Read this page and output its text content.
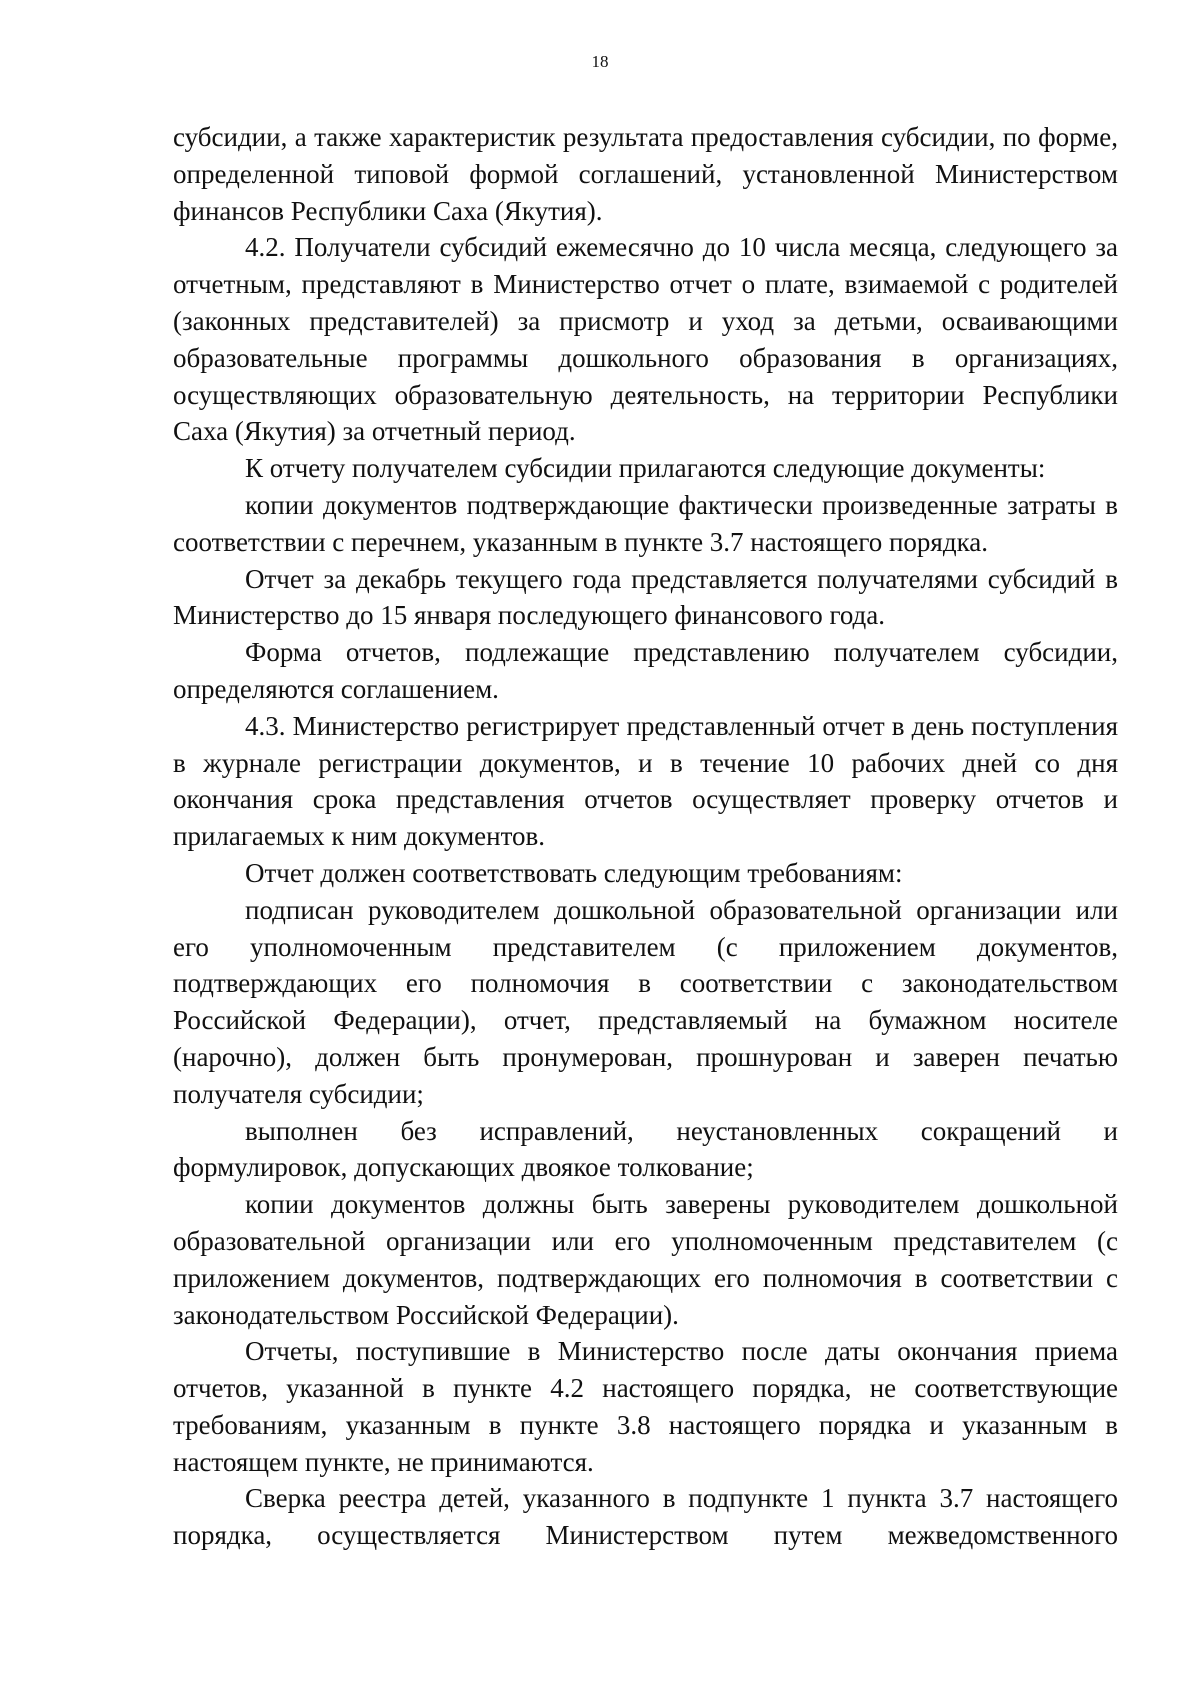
18

субсидии, а также характеристик результата предоставления субсидии, по форме, определенной типовой формой соглашений, установленной Министерством финансов Республики Саха (Якутия).

4.2. Получатели субсидий ежемесячно до 10 числа месяца, следующего за отчетным, представляют в Министерство отчет о плате, взимаемой с родителей (законных представителей) за присмотр и уход за детьми, осваивающими образовательные программы дошкольного образования в организациях, осуществляющих образовательную деятельность, на территории Республики Саха (Якутия) за отчетный период.

К отчету получателем субсидии прилагаются следующие документы:

копии документов подтверждающие фактически произведенные затраты в соответствии с перечнем, указанным в пункте 3.7 настоящего порядка.

Отчет за декабрь текущего года представляется получателями субсидий в Министерство до 15 января последующего финансового года.

Форма отчетов, подлежащие представлению получателем субсидии, определяются соглашением.

4.3. Министерство регистрирует представленный отчет в день поступления в журнале регистрации документов, и в течение 10 рабочих дней со дня окончания срока представления отчетов осуществляет проверку отчетов и прилагаемых к ним документов.

Отчет должен соответствовать следующим требованиям:

подписан руководителем дошкольной образовательной организации или его уполномоченным представителем (с приложением документов, подтверждающих его полномочия в соответствии с законодательством Российской Федерации), отчет, представляемый на бумажном носителе (нарочно), должен быть пронумерован, прошнурован и заверен печатью получателя субсидии;

выполнен без исправлений, неустановленных сокращений и формулировок, допускающих двоякое толкование;

копии документов должны быть заверены руководителем дошкольной образовательной организации или его уполномоченным представителем (с приложением документов, подтверждающих его полномочия в соответствии с законодательством Российской Федерации).

Отчеты, поступившие в Министерство после даты окончания приема отчетов, указанной в пункте 4.2 настоящего порядка, не соответствующие требованиям, указанным в пункте 3.8 настоящего порядка и указанным в настоящем пункте, не принимаются.

Сверка реестра детей, указанного в подпункте 1 пункта 3.7 настоящего порядка, осуществляется Министерством путем межведомственного
